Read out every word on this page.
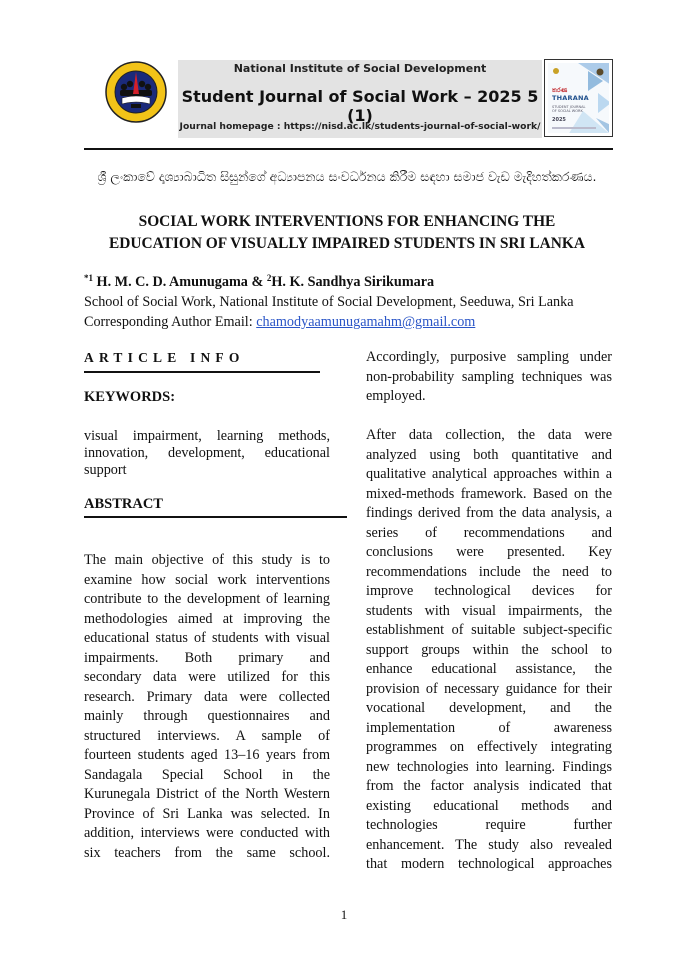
National Institute of Social Development
Student Journal of Social Work – 2025 5 (1)
Journal homepage : https://nisd.ac.lk/students-journal-of-social-work/
තරණ
THARANA
STUDENT JOURNAL OF SOCIAL WORK
2025
ශ්‍රී ලංකාවේ දෘශ්‍යාබාධිත සිසුන්ගේ අධ්‍යාපනය සංවර්ධනය කිරීම සඳහා සමාජ වැඩ මැදිහත්කරණය.
SOCIAL WORK INTERVENTIONS FOR ENHANCING THE
EDUCATION OF VISUALLY IMPAIRED STUDENTS IN SRI LANKA
$^{*1}$ H. M. C. D. Amunugama & $^2$H. K. Sandhya Sirikumara
School of Social Work, National Institute of Social Development, Seeduwa, Sri Lanka
Corresponding Author Email: chamodyaamunugamahm@gmail.com
ARTICLE INFO
KEYWORDS:
visual impairment, learning methods, innovation, development, educational support
ABSTRACT
The main objective of this study is to
examine how social work interventions
contribute to the development of learning
methodologies aimed at improving the
educational status of students with visual
impairments. Both primary and
secondary data were utilized for this
research. Primary data were collected
mainly through questionnaires and
structured interviews. A sample of
fourteen students aged 13–16 years from
Sandagala Special School in the
Kurunegala District of the North Western
Province of Sri Lanka was selected. In
addition, interviews were conducted with
six teachers from the same school.
Accordingly, purposive sampling under
non-probability sampling techniques was
employed.
After data collection, the data were
analyzed using both quantitative and
qualitative analytical approaches within a
mixed-methods framework. Based on the
findings derived from the data analysis, a
series of recommendations and
conclusions were presented. Key
recommendations include the need to
improve technological devices for
students with visual impairments, the
establishment of suitable subject-specific
support groups within the school to
enhance educational assistance, the
provision of necessary guidance for their
vocational development, and the
implementation of awareness
programmes on effectively integrating
new technologies into learning. Findings
from the factor analysis indicated that
existing educational methods and
technologies require further
enhancement. The study also revealed
that modern technological approaches
1
